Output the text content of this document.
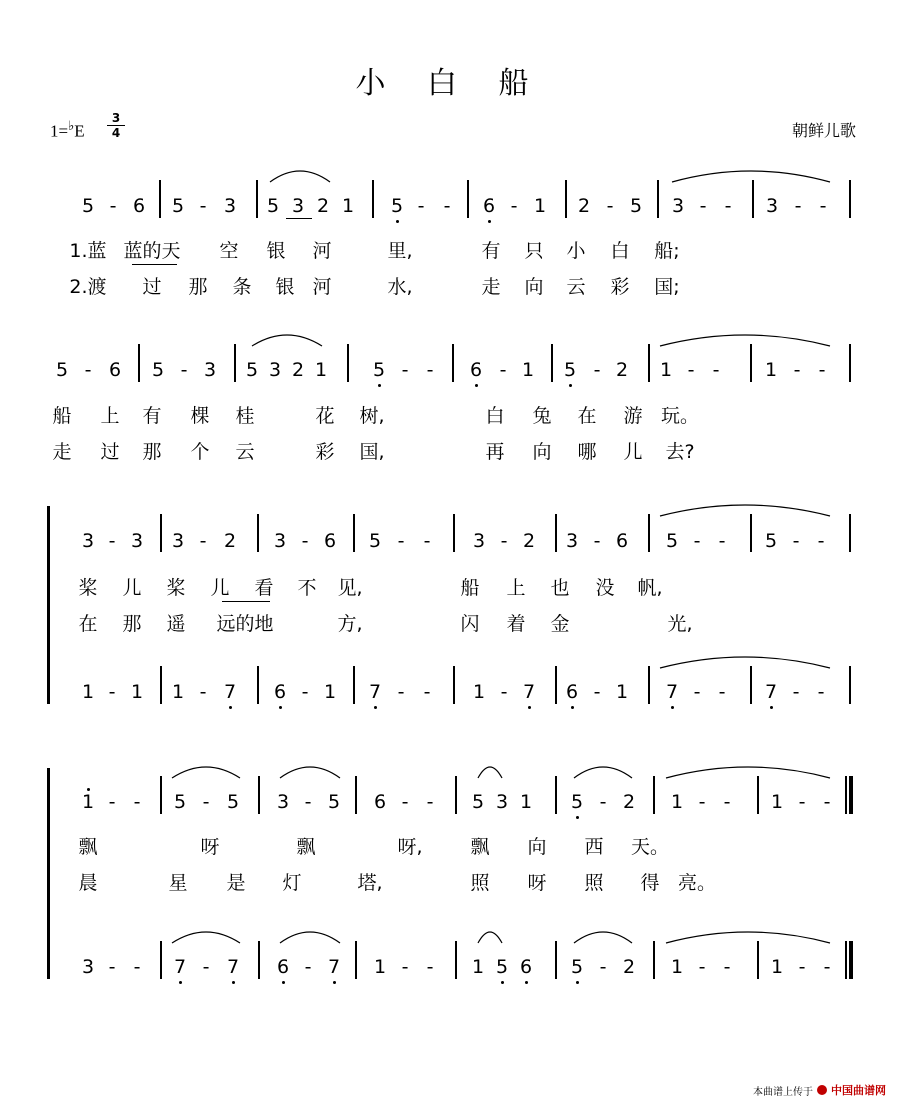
小 白 船
1=♭E
3
4	朝鲜儿歌
5 - 6 5 - 3 5 3 2 1 5 - - 6 - 1 2 - 5 3 - - 3 - -
1.蓝 蓝的天 空 银 河	里,	有 只 小 白 船;
2.渡 过 那 条 银 河	水,	走 向 云 彩 国;
5 - 6 5 - 3 5 3 2 1 5 - - 6 - 1 5 - 2 1 - - 1 - -
船 上 有 棵 桂	花 树,	白 兔 在 游 玩。
走 过 那 个 云	彩 国,	再 向 哪 儿 去?
3 - 3 3 - 2 3 - 6 5 - - 3 - 2 3 - 6 5 - - 5 - -
桨 儿 桨 儿 看 不 见,	船 上 也 没 帆,
在 那 遥 远的地	方,	闪 着 金	光,
1 - 1 1 - 7 6 - 1 7 - - 1 - 7 6 - 1 7 - - 7 - -
1 - - 5 - 5 3 - 5 6 - - 5 3 1 5 - 2 1 - - 1 - -
飘	呀	飘	呀,	飘 向 西 天。
晨	星 是 灯	塔,	照 呀 照 得 亮。
3 - - 7 - 7 6 - 7 1 - - 1 5 6 5 - 2 1 - - 1 - -
本曲谱上传于 中国曲谱网
